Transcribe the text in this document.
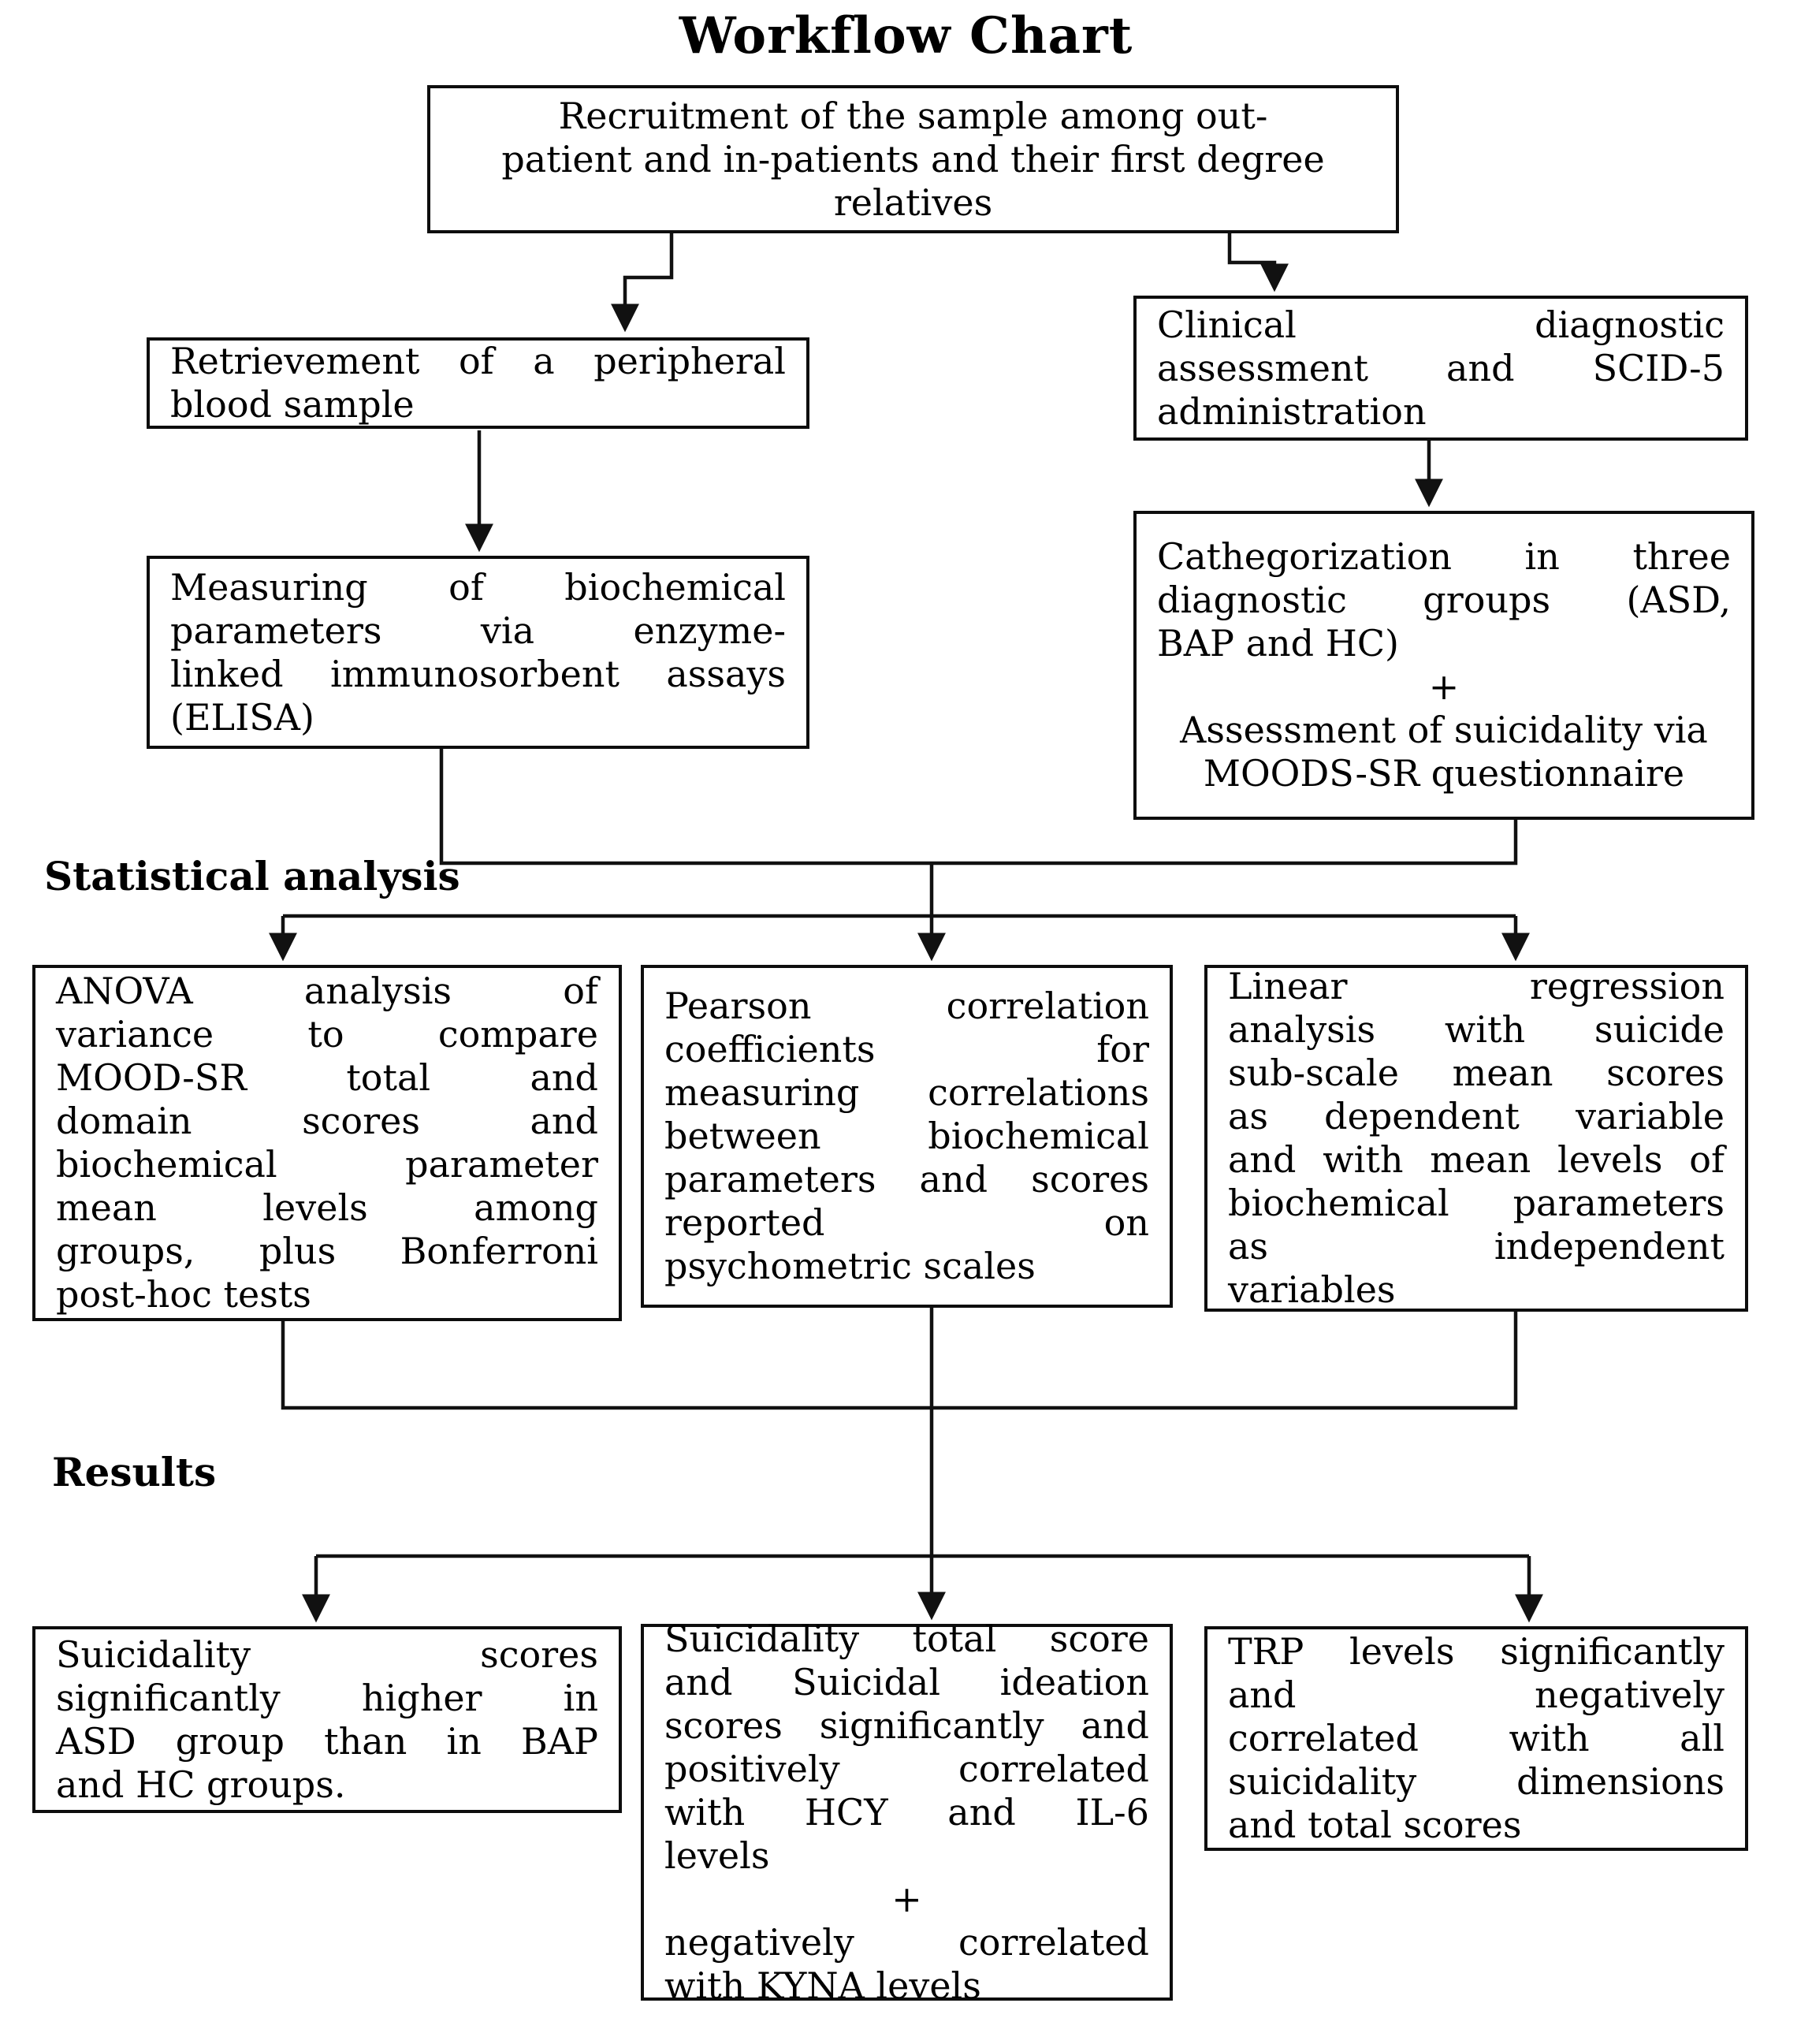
Workflow Chart
Statistical analysis
Results
Recruitment of the sample among out-
patient and in-patients and their first degree
relatives
Retrievement of a peripheral
blood sample
Clinical diagnostic
assessment and SCID-5
administration
Measuring of biochemical
parameters via enzyme-
linked immunosorbent assays
(ELISA)
Cathegorization in three
diagnostic groups (ASD,
BAP and HC)
+
Assessment of suicidality via
MOODS-SR questionnaire
ANOVA analysis of
variance to compare
MOOD-SR total and
domain scores and
biochemical parameter
mean levels among
groups, plus Bonferroni
post-hoc tests
Pearson correlation
coefficients for
measuring correlations
between biochemical
parameters and scores
reported on
psychometric scales
Linear regression
analysis with suicide
sub-scale mean scores
as dependent variable
and with mean levels of
biochemical parameters
as independent
variables
Suicidality scores
significantly higher in
ASD group than in BAP
and HC groups.
Suicidality total score
and Suicidal ideation
scores significantly and
positively correlated
with HCY and IL-6
levels
+
negatively correlated
with KYNA levels
TRP levels significantly
and negatively
correlated with all
suicidality dimensions
and total scores
